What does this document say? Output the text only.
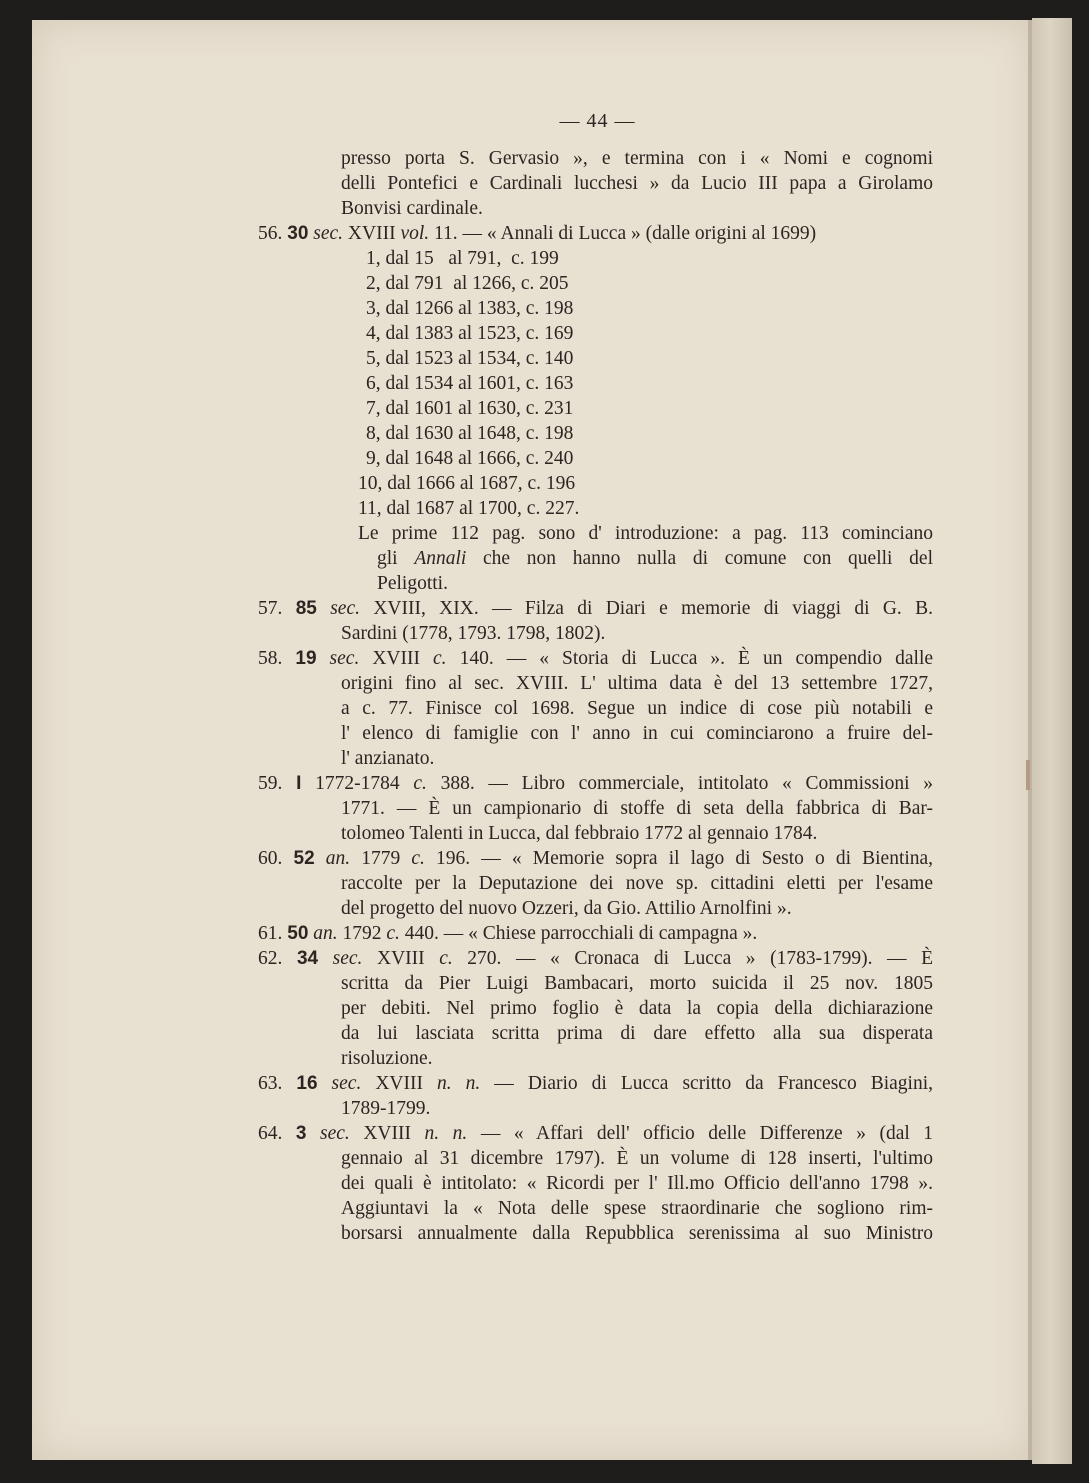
— 44 —
presso porta S. Gervasio », e termina con i « Nomi e cognomi
delli Pontefici e Cardinali lucchesi » da Lucio III papa a Girolamo
Bonvisi cardinale.
56. 30 sec. XVIII vol. 11. — « Annali di Lucca » (dalle origini al 1699)
1, dal 15   al 791,  c. 199
2, dal 791  al 1266, c. 205
3, dal 1266 al 1383, c. 198
4, dal 1383 al 1523, c. 169
5, dal 1523 al 1534, c. 140
6, dal 1534 al 1601, c. 163
7, dal 1601 al 1630, c. 231
8, dal 1630 al 1648, c. 198
9, dal 1648 al 1666, c. 240
10, dal 1666 al 1687, c. 196
11, dal 1687 al 1700, c. 227.
Le prime 112 pag. sono d' introduzione: a pag. 113 cominciano
gli Annali che non hanno nulla di comune con quelli del
Peligotti.
57. 85 sec. XVIII, XIX. — Filza di Diari e memorie di viaggi di G. B.
Sardini (1778, 1793. 1798, 1802).
58. 19 sec. XVIII c. 140. — « Storia di Lucca ». È un compendio dalle
origini fino al sec. XVIII. L' ultima data è del 13 settembre 1727,
a c. 77. Finisce col 1698. Segue un indice di cose più notabili e
l' elenco di famiglie con l' anno in cui cominciarono a fruire del-
l' anzianato.
59. I 1772-1784 c. 388. — Libro commerciale, intitolato « Commissioni »
1771. — È un campionario di stoffe di seta della fabbrica di Bar-
tolomeo Talenti in Lucca, dal febbraio 1772 al gennaio 1784.
60. 52 an. 1779 c. 196. — « Memorie sopra il lago di Sesto o di Bientina,
raccolte per la Deputazione dei nove sp. cittadini eletti per l'esame
del progetto del nuovo Ozzeri, da Gio. Attilio Arnolfini ».
61. 50 an. 1792 c. 440. — « Chiese parrocchiali di campagna ».
62. 34 sec. XVIII c. 270. — « Cronaca di Lucca » (1783-1799). — È
scritta da Pier Luigi Bambacari, morto suicida il 25 nov. 1805
per debiti. Nel primo foglio è data la copia della dichiarazione
da lui lasciata scritta prima di dare effetto alla sua disperata
risoluzione.
63. 16 sec. XVIII n. n. — Diario di Lucca scritto da Francesco Biagini,
1789-1799.
64. 3 sec. XVIII n. n. — « Affari dell' officio delle Differenze » (dal 1
gennaio al 31 dicembre 1797). È un volume di 128 inserti, l'ultimo
dei quali è intitolato: « Ricordi per l' Ill.mo Officio dell'anno 1798 ».
Aggiuntavi la « Nota delle spese straordinarie che sogliono rim-
borsarsi annualmente dalla Repubblica serenissima al suo Ministro
